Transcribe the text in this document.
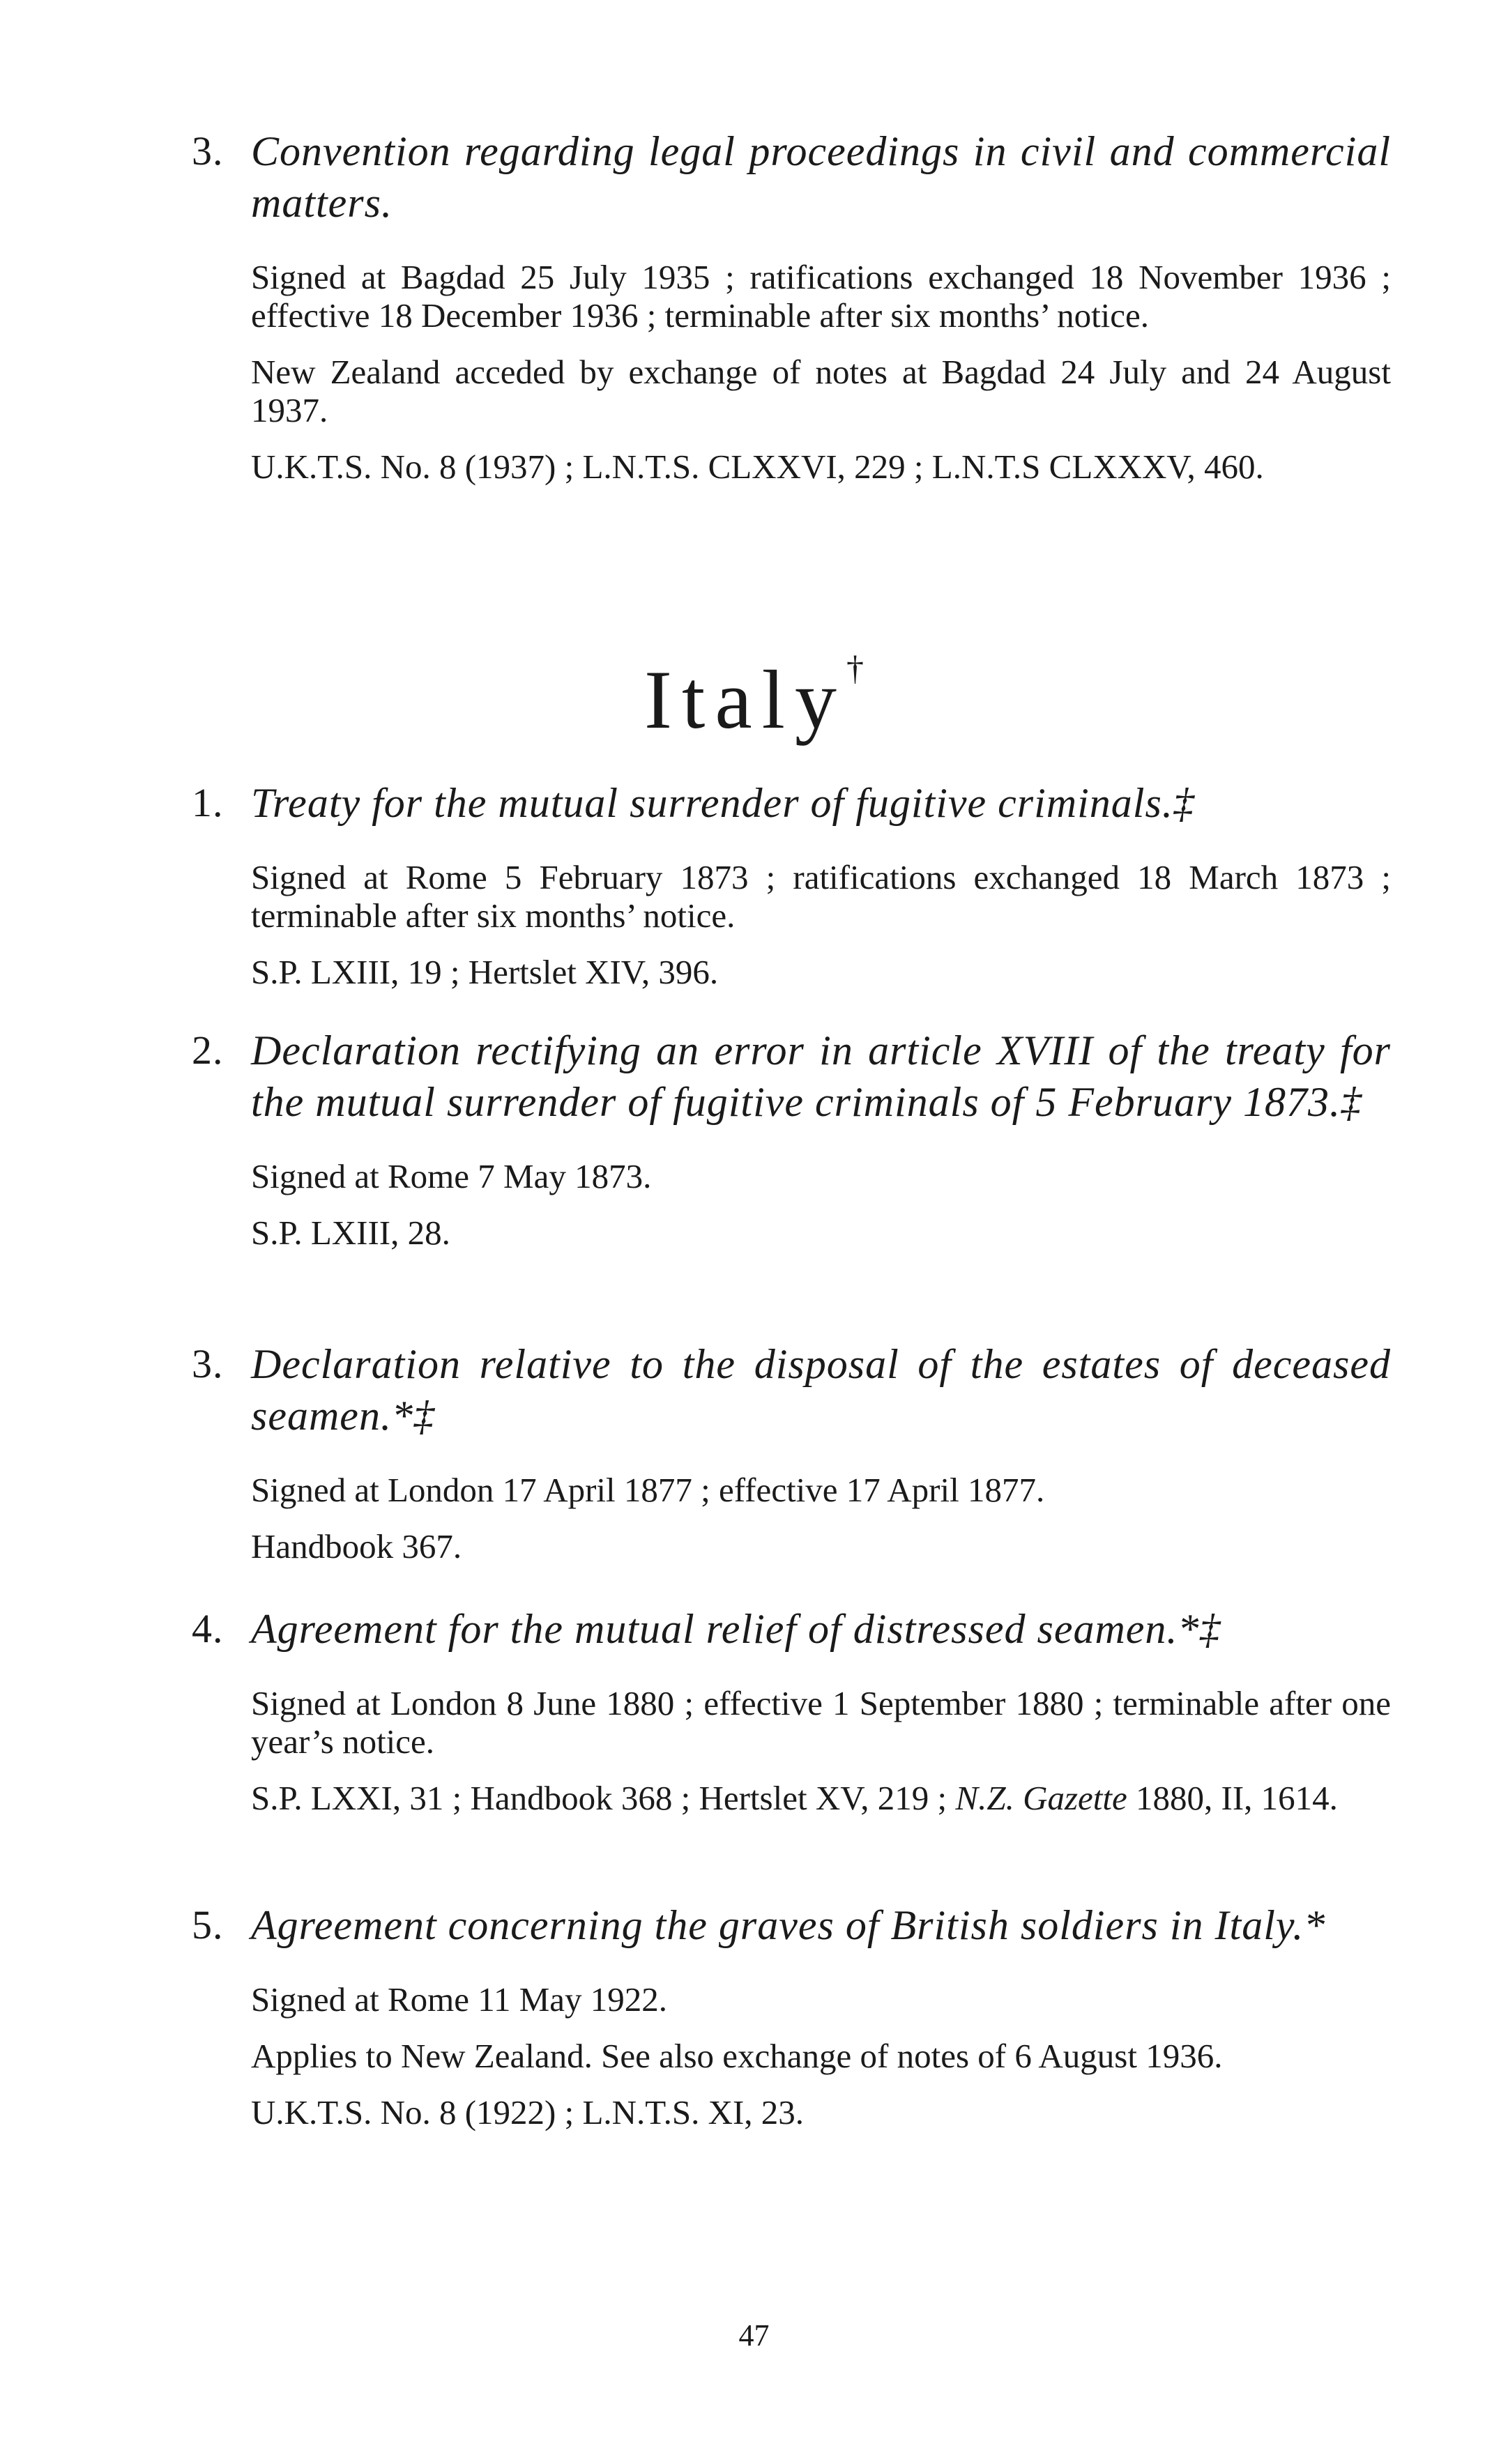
3. Convention regarding legal proceedings in civil and commercial matters.
Signed at Bagdad 25 July 1935 ; ratifications exchanged 18 November 1936 ; effective 18 December 1936 ; terminable after six months’ notice.
New Zealand acceded by exchange of notes at Bagdad 24 July and 24 August 1937.
U.K.T.S. No. 8 (1937) ; L.N.T.S. CLXXVI, 229 ; L.N.T.S CLXXXV, 460.
Italy†
1. Treaty for the mutual surrender of fugitive criminals.‡
Signed at Rome 5 February 1873 ; ratifications exchanged 18 March 1873 ; terminable after six months’ notice.
S.P. LXIII, 19 ; Hertslet XIV, 396.
2. Declaration rectifying an error in article XVIII of the treaty for the mutual surrender of fugitive criminals of 5 February 1873.‡
Signed at Rome 7 May 1873.
S.P. LXIII, 28.
3. Declaration relative to the disposal of the estates of deceased seamen.*‡
Signed at London 17 April 1877 ; effective 17 April 1877.
Handbook 367.
4. Agreement for the mutual relief of distressed seamen.*‡
Signed at London 8 June 1880 ; effective 1 September 1880 ; terminable after one year’s notice.
S.P. LXXI, 31 ; Handbook 368 ; Hertslet XV, 219 ; N.Z. Gazette 1880, II, 1614.
5. Agreement concerning the graves of British soldiers in Italy.*
Signed at Rome 11 May 1922.
Applies to New Zealand. See also exchange of notes of 6 August 1936.
U.K.T.S. No. 8 (1922) ; L.N.T.S. XI, 23.
47
